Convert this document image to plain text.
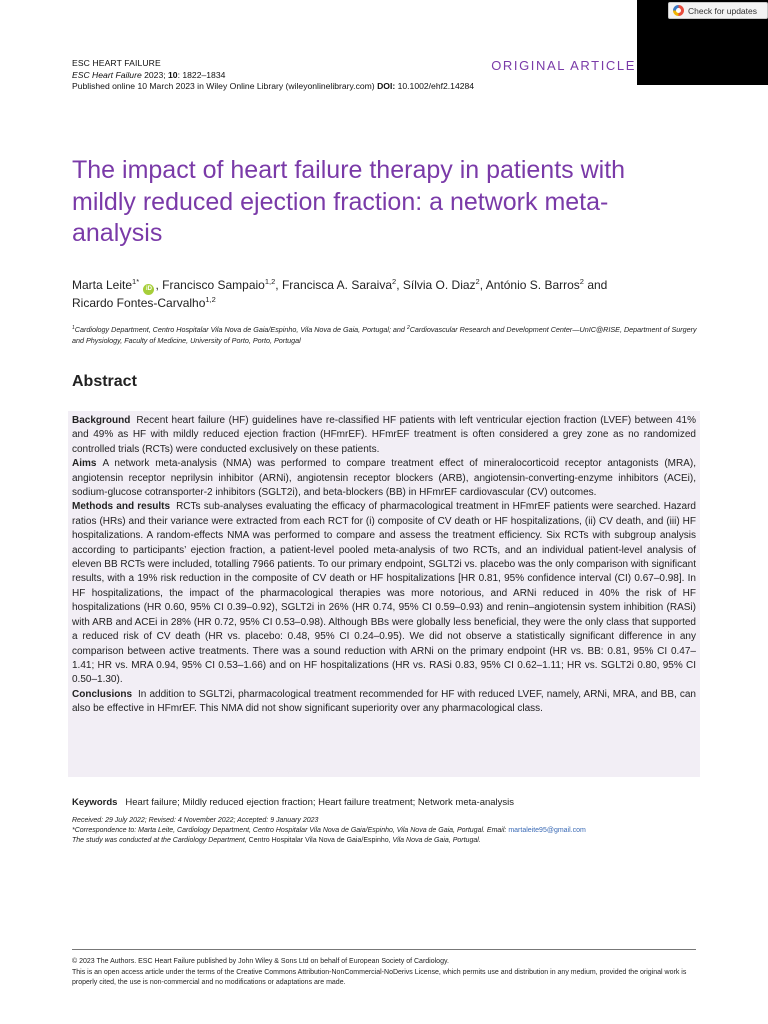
Check for updates
ESC HEART FAILURE
ESC Heart Failure 2023; 10: 1822–1834
Published online 10 March 2023 in Wiley Online Library (wileyonlinelibrary.com) DOI: 10.1002/ehf2.14284
ORIGINAL ARTICLE
The impact of heart failure therapy in patients with mildly reduced ejection fraction: a network meta-analysis
Marta Leite$^{1*}$ iD , Francisco Sampaio$^{1,2}$, Francisca A. Saraiva$^2$, Sílvia O. Diaz$^2$, António S. Barros$^2$ and
Ricardo Fontes-Carvalho$^{1,2}$
$^1$Cardiology Department, Centro Hospitalar Vila Nova de Gaia/Espinho, Vila Nova de Gaia, Portugal; and $^2$Cardiovascular Research and Development Center—UnIC@RISE, Department of Surgery and Physiology, Faculty of Medicine, University of Porto, Porto, Portugal
Abstract

Background Recent heart failure (HF) guidelines have re-classified HF patients with left ventricular ejection fraction (LVEF) between 41% and 49% as HF with mildly reduced ejection fraction (HFmrEF). HFmrEF treatment is often considered a grey zone as no randomized controlled trials (RCTs) were conducted exclusively on these patients.

Aims A network meta-analysis (NMA) was performed to compare treatment effect of mineralocorticoid receptor antagonists (MRA), angiotensin receptor neprilysin inhibitor (ARNi), angiotensin receptor blockers (ARB), angiotensin-converting-enzyme inhibitors (ACEi), sodium-glucose cotransporter-2 inhibitors (SGLT2i), and beta-blockers (BB) in HFmrEF cardiovascular (CV) outcomes.

Methods and results RCTs sub-analyses evaluating the efficacy of pharmacological treatment in HFmrEF patients were searched. Hazard ratios (HRs) and their variance were extracted from each RCT for (i) composite of CV death or HF hospitalizations, (ii) CV death, and (iii) HF hospitalizations. A random-effects NMA was performed to compare and assess the treatment efficiency. Six RCTs with subgroup analysis according to participants’ ejection fraction, a patient-level pooled meta-analysis of two RCTs, and an individual patient-level analysis of eleven BB RCTs were included, totalling 7966 patients. To our primary endpoint, SGLT2i vs. placebo was the only comparison with significant results, with a 19% risk reduction in the composite of CV death or HF hospitalizations [HR 0.81, 95% confidence interval (CI) 0.67–0.98]. In HF hospitalizations, the impact of the pharmacological therapies was more notorious, and ARNi reduced in 40% the risk of HF hospitalizations (HR 0.60, 95% CI 0.39–0.92), SGLT2i in 26% (HR 0.74, 95% CI 0.59–0.93) and renin–angiotensin system inhibition (RASi) with ARB and ACEi in 28% (HR 0.72, 95% CI 0.53–0.98). Although BBs were globally less beneficial, they were the only class that supported a reduced risk of CV death (HR vs. placebo: 0.48, 95% CI 0.24–0.95). We did not observe a statistically significant difference in any comparison between active treatments. There was a sound reduction with ARNi on the primary endpoint (HR vs. BB: 0.81, 95% CI 0.47–1.41; HR vs. MRA 0.94, 95% CI 0.53–1.66) and on HF hospitalizations (HR vs. RASi 0.83, 95% CI 0.62–1.11; HR vs. SGLT2i 0.80, 95% CI 0.50–1.30).

Conclusions In addition to SGLT2i, pharmacological treatment recommended for HF with reduced LVEF, namely, ARNi, MRA, and BB, can also be effective in HFmrEF. This NMA did not show significant superiority over any pharmacological class.

Keywords Heart failure; Mildly reduced ejection fraction; Heart failure treatment; Network meta-analysis
Received: 29 July 2022; Revised: 4 November 2022; Accepted: 9 January 2023
*Correspondence to: Marta Leite, Cardiology Department, Centro Hospitalar Vila Nova de Gaia/Espinho, Vila Nova de Gaia, Portugal. Email: martaleite95@gmail.com
The study was conducted at the Cardiology Department, Centro Hospitalar Vila Nova de Gaia/Espinho, Vila Nova de Gaia, Portugal.
© 2023 The Authors. ESC Heart Failure published by John Wiley & Sons Ltd on behalf of European Society of Cardiology.
This is an open access article under the terms of the Creative Commons Attribution-NonCommercial-NoDerivs License, which permits use and distribution in any medium, provided the original work is properly cited, the use is non-commercial and no modifications or adaptations are made.
